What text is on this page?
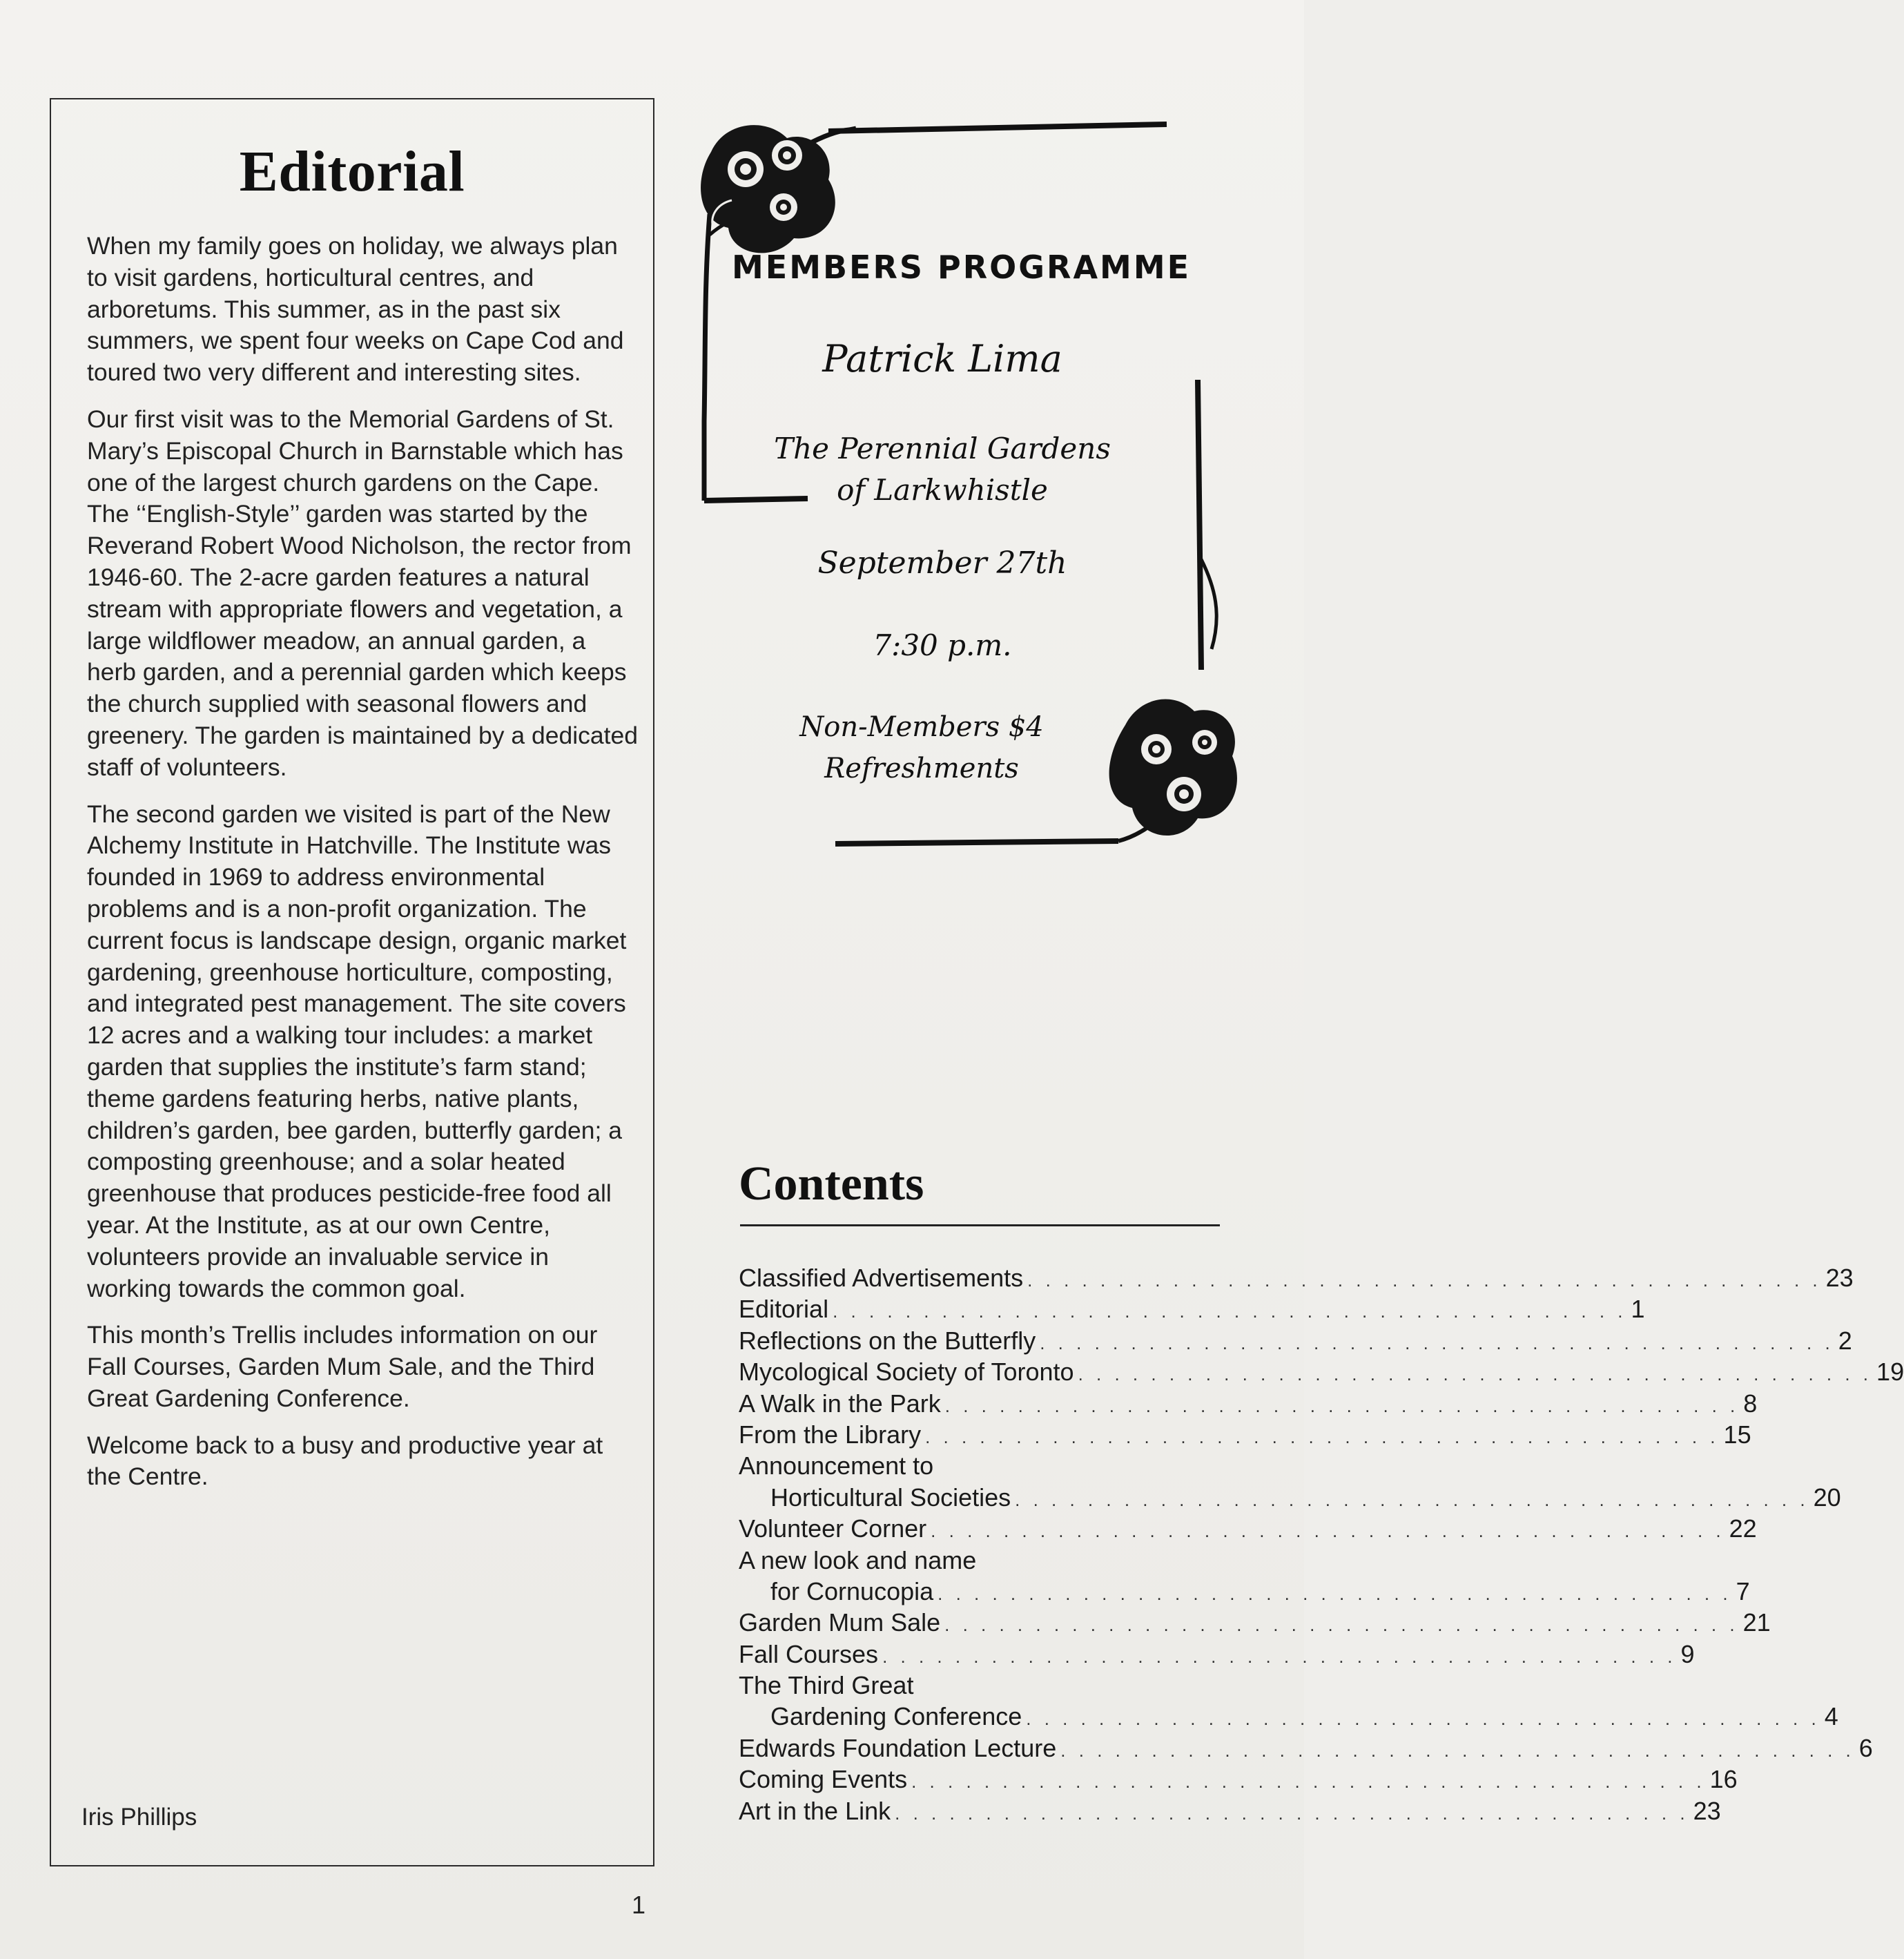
Editorial

When my family goes on holiday, we always plan to visit gardens, horticultural centres, and arboretums. This summer, as in the past six summers, we spent four weeks on Cape Cod and toured two very different and interesting sites.

Our first visit was to the Memorial Gardens of St. Mary’s Episcopal Church in Barnstable which has one of the largest church gardens on the Cape. The ‘‘English-Style’’ garden was started by the Reverand Robert Wood Nicholson, the rector from 1946-60. The 2-acre garden features a natural stream with appropriate flowers and vegetation, a large wildflower meadow, an annual garden, a herb garden, and a perennial garden which keeps the church supplied with seasonal flowers and greenery. The garden is maintained by a dedicated staff of volunteers.

The second garden we visited is part of the New Alchemy Institute in Hatchville. The Institute was founded in 1969 to address environmental problems and is a non-profit organization. The current focus is landscape design, organic market gardening, greenhouse horticulture, composting, and integrated pest management. The site covers 12 acres and a walking tour includes: a market garden that supplies the institute’s farm stand; theme gardens featuring herbs, native plants, children’s garden, bee garden, butterfly garden; a composting greenhouse; and a solar heated greenhouse that produces pesticide-free food all year. At the Institute, as at our own Centre, volunteers provide an invaluable service in working towards the common goal.

This month’s Trellis includes information on our Fall Courses, Garden Mum Sale, and the Third Great Gardening Conference.

Welcome back to a busy and productive year at the Centre.

Iris Phillips
MEMBERS PROGRAMME
Patrick Lima
The Perennial Gardens
of Larkwhistle
September 27th
7:30 p.m.
Non-Members $4
Refreshments
Contents
Classified Advertisements . . . . . . . . . . . . . . . . . . . . . . . . . . . . . . . . . . . . . . . . . . . . 23
Editorial . . . . . . . . . . . . . . . . . . . . . . . . . . . . . . . . . . . . . . . . . . . . 1
Reflections on the Butterfly . . . . . . . . . . . . . . . . . . . . . . . . . . . . . . . . . . . . . . . . . . . . 2
Mycological Society of Toronto . . . . . . . . . . . . . . . . . . . . . . . . . . . . . . . . . . . . . . . . . . . . 19
A Walk in the Park . . . . . . . . . . . . . . . . . . . . . . . . . . . . . . . . . . . . . . . . . . . . 8
From the Library . . . . . . . . . . . . . . . . . . . . . . . . . . . . . . . . . . . . . . . . . . . . 15
Announcement to
Horticultural Societies . . . . . . . . . . . . . . . . . . . . . . . . . . . . . . . . . . . . . . . . . . . . 20
Volunteer Corner . . . . . . . . . . . . . . . . . . . . . . . . . . . . . . . . . . . . . . . . . . . . 22
A new look and name
for Cornucopia . . . . . . . . . . . . . . . . . . . . . . . . . . . . . . . . . . . . . . . . . . . . 7
Garden Mum Sale . . . . . . . . . . . . . . . . . . . . . . . . . . . . . . . . . . . . . . . . . . . . 21
Fall Courses . . . . . . . . . . . . . . . . . . . . . . . . . . . . . . . . . . . . . . . . . . . . 9
The Third Great
Gardening Conference . . . . . . . . . . . . . . . . . . . . . . . . . . . . . . . . . . . . . . . . . . . . 4
Edwards Foundation Lecture . . . . . . . . . . . . . . . . . . . . . . . . . . . . . . . . . . . . . . . . . . . . 6
Coming Events . . . . . . . . . . . . . . . . . . . . . . . . . . . . . . . . . . . . . . . . . . . . 16
Art in the Link . . . . . . . . . . . . . . . . . . . . . . . . . . . . . . . . . . . . . . . . . . . . 23
1
